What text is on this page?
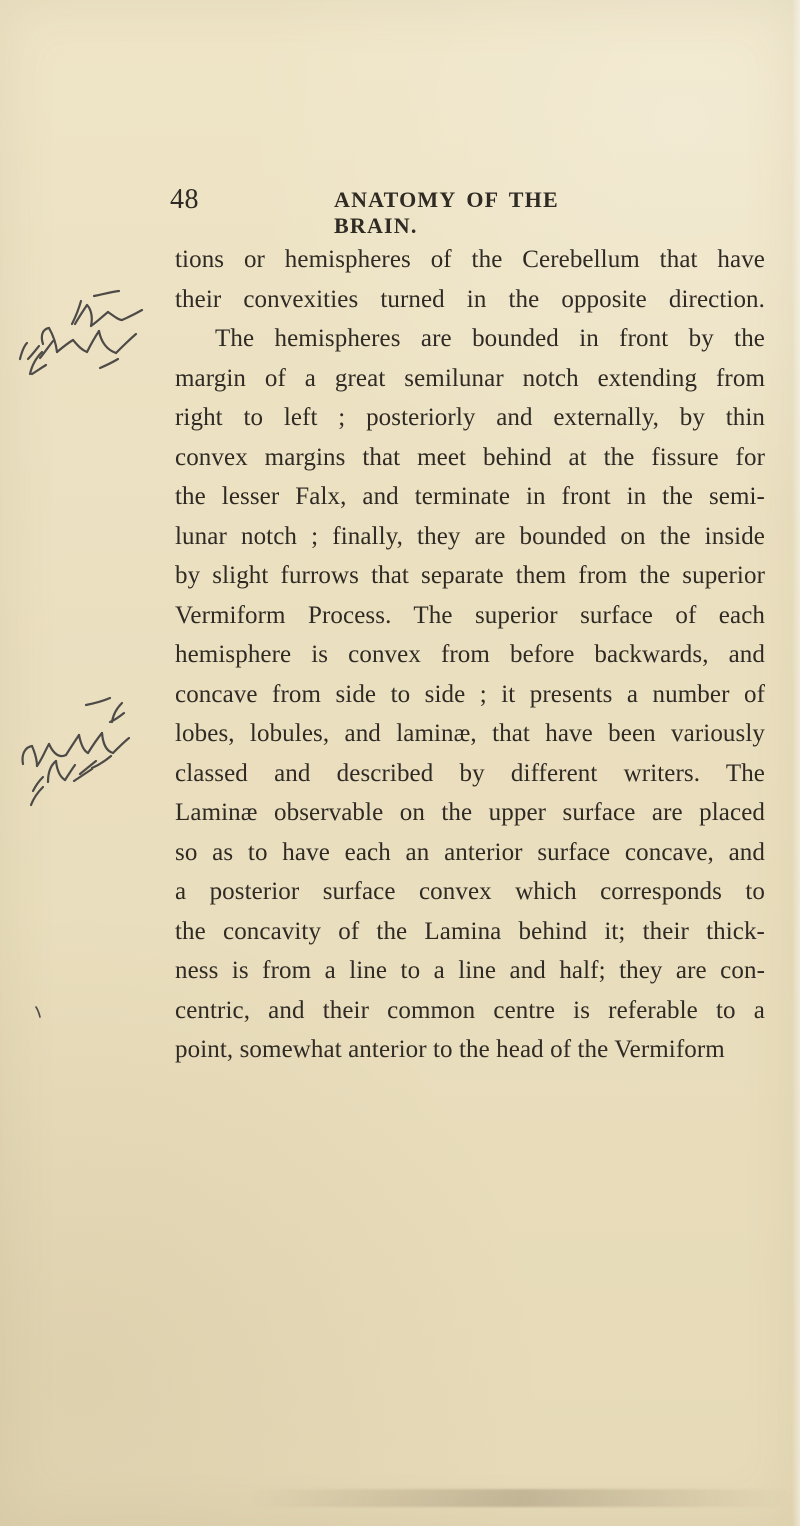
48	ANATOMY OF THE BRAIN.
tions or hemispheres of the Cerebellum that have
their convexities turned in the opposite direction.
The hemispheres are bounded in front by the
margin of a great semilunar notch extending from
right to left ; posteriorly and externally, by thin
convex margins that meet behind at the fissure for
the lesser Falx, and terminate in front in the semi-
lunar notch ; finally, they are bounded on the inside
by slight furrows that separate them from the superior
Vermiform Process. The superior surface of each
hemisphere is convex from before backwards, and
concave from side to side ; it presents a number of
lobes, lobules, and laminæ, that have been variously
classed and described by different writers. The
Laminæ observable on the upper surface are placed
so as to have each an anterior surface concave, and
a posterior surface convex which corresponds to
the concavity of the Lamina behind it; their thick-
ness is from a line to a line and half; they are con-
centric, and their common centre is referable to a
point, somewhat anterior to the head of the Vermiform
